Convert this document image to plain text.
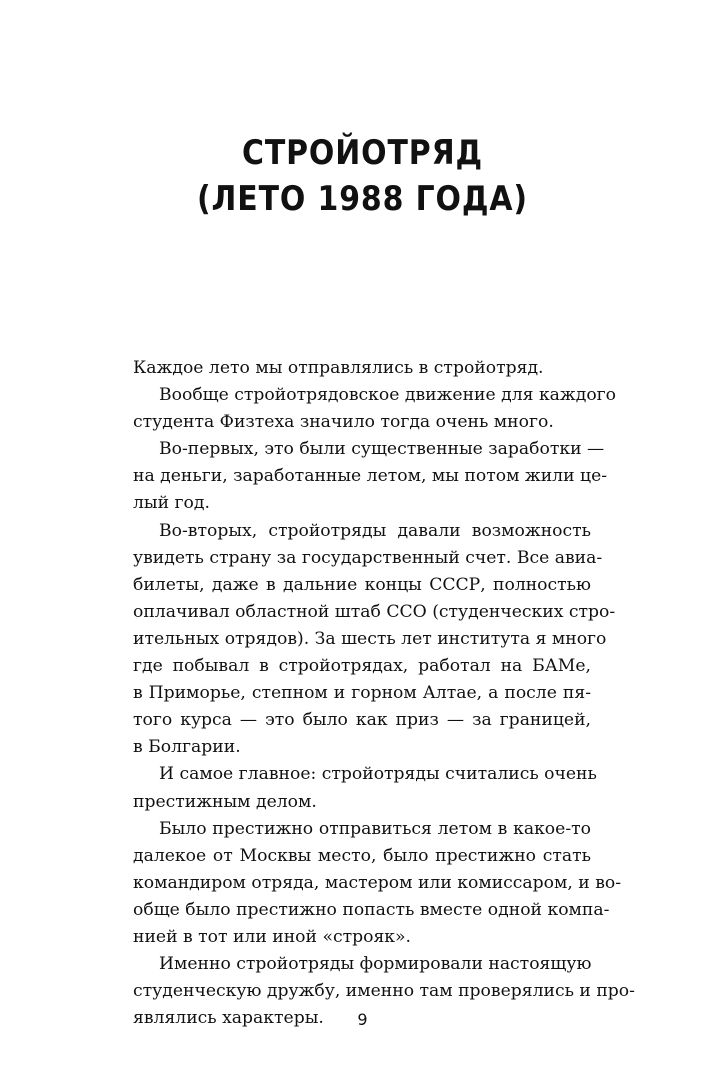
СТРОЙОТРЯД
(ЛЕТО 1988 ГОДА)
Каждое лето мы отправлялись в стройотряд.
Вообще стройотрядовское движение для каждого
студента Физтеха значило тогда очень много.
Во-первых, это были существенные заработки —
на деньги, заработанные летом, мы потом жили це-
лый год.
Во-вторых, стройотряды давали возможность
увидеть страну за государственный счет. Все авиа-
билеты, даже в дальние концы СССР, полностью
оплачивал областной штаб ССО (студенческих стро-
ительных отрядов). За шесть лет института я много
где побывал в стройотрядах, работал на БАМе,
в Приморье, степном и горном Алтае, а после пя-
того курса — это было как приз — за границей,
в Болгарии.
И самое главное: стройотряды считались очень
престижным делом.
Было престижно отправиться летом в какое-то
далекое от Москвы место, было престижно стать
командиром отряда, мастером или комиссаром, и во-
обще было престижно попасть вместе одной компа-
нией в тот или иной «строяк».
Именно стройотряды формировали настоящую
студенческую дружбу, именно там проверялись и про-
являлись характеры.	9
